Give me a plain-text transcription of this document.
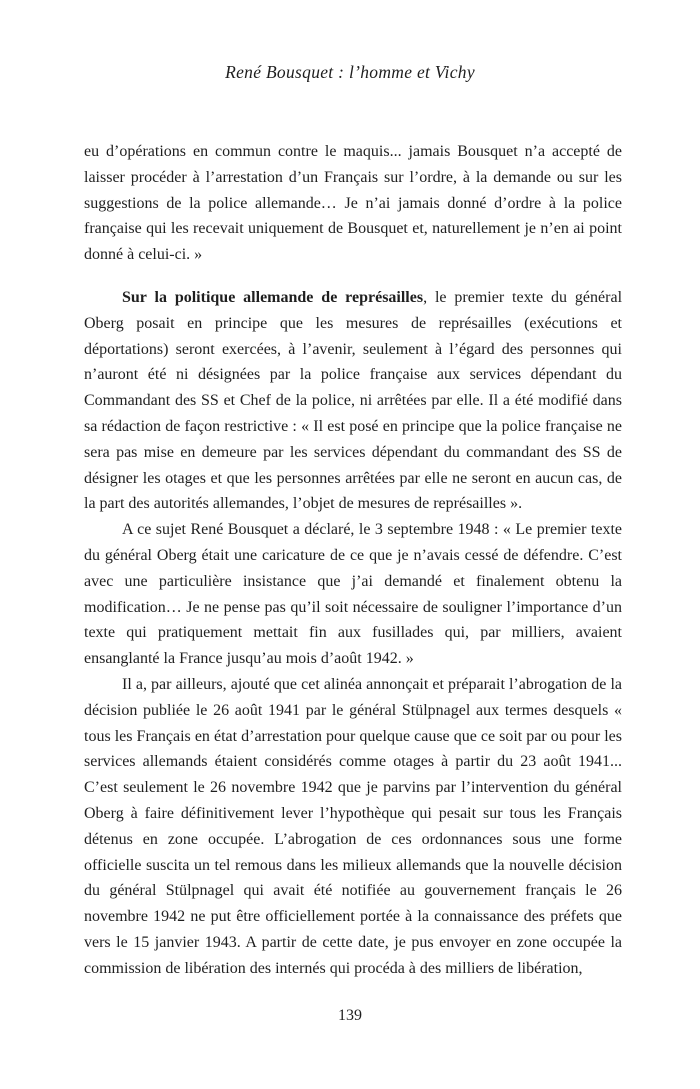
René Bousquet : l’homme et Vichy

eu d’opérations en commun contre le maquis... jamais Bousquet n’a accepté de laisser procéder à l’arrestation d’un Français sur l’ordre, à la demande ou sur les suggestions de la police allemande… Je n’ai jamais donné d’ordre à la police française qui les recevait uniquement de Bousquet et, naturellement je n’en ai point donné à celui-ci. »

Sur la politique allemande de représailles, le premier texte du général Oberg posait en principe que les mesures de représailles (exécutions et déportations) seront exercées, à l’avenir, seulement à l’égard des personnes qui n’auront été ni désignées par la police française aux services dépendant du Commandant des SS et Chef de la police, ni arrêtées par elle. Il a été modifié dans sa rédaction de façon restrictive : « Il est posé en principe que la police française ne sera pas mise en demeure par les services dépendant du commandant des SS de désigner les otages et que les personnes arrêtées par elle ne seront en aucun cas, de la part des autorités allemandes, l’objet de mesures de représailles ».

A ce sujet René Bousquet a déclaré, le 3 septembre 1948 : « Le premier texte du général Oberg était une caricature de ce que je n’avais cessé de défendre. C’est avec une particulière insistance que j’ai demandé et finalement obtenu la modification… Je ne pense pas qu’il soit nécessaire de souligner l’importance d’un texte qui pratiquement mettait fin aux fusillades qui, par milliers, avaient ensanglanté la France jusqu’au mois d’août 1942. »

Il a, par ailleurs, ajouté que cet alinéa annonçait et préparait l’abrogation de la décision publiée le 26 août 1941 par le général Stülpnagel aux termes desquels « tous les Français en état d’arrestation pour quelque cause que ce soit par ou pour les services allemands étaient considérés comme otages à partir du 23 août 1941... C’est seulement le 26 novembre 1942 que je parvins par l’intervention du général Oberg à faire définitivement lever l’hypothèque qui pesait sur tous les Français détenus en zone occupée. L’abrogation de ces ordonnances sous une forme officielle suscita un tel remous dans les milieux allemands que la nouvelle décision du général Stülpnagel qui avait été notifiée au gouvernement français le 26 novembre 1942 ne put être officiellement portée à la connaissance des préfets que vers le 15 janvier 1943. A partir de cette date, je pus envoyer en zone occupée la commission de libération des internés qui procéda à des milliers de libération,

139
